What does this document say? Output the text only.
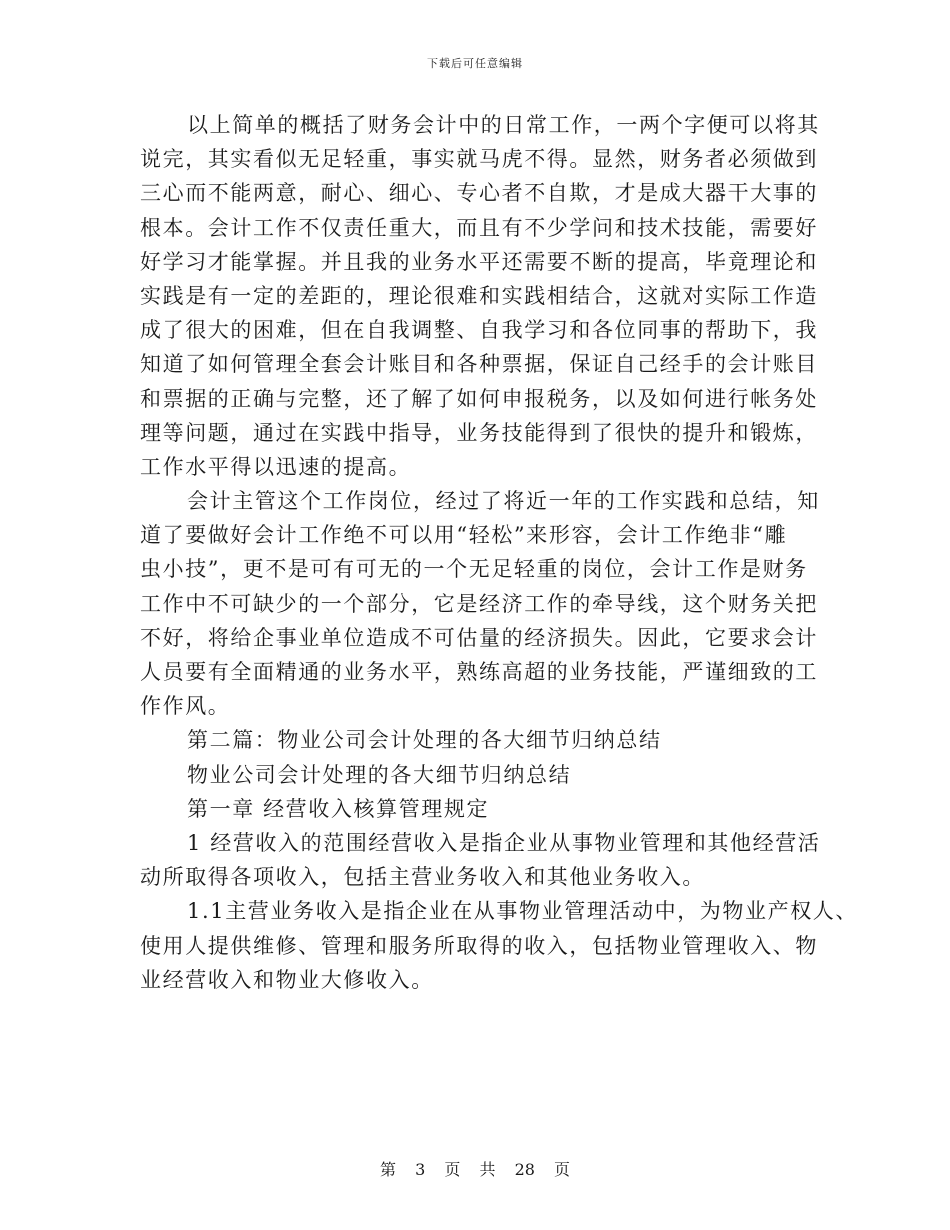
下载后可任意编辑
以上简单的概括了财务会计中的日常工作，一两个字便可以将其
说完，其实看似无足轻重，事实就马虎不得。显然，财务者必须做到
三心而不能两意，耐心、细心、专心者不自欺，才是成大器干大事的
根本。会计工作不仅责任重大，而且有不少学问和技术技能，需要好
好学习才能掌握。并且我的业务水平还需要不断的提高，毕竟理论和
实践是有一定的差距的，理论很难和实践相结合，这就对实际工作造
成了很大的困难，但在自我调整、自我学习和各位同事的帮助下，我
知道了如何管理全套会计账目和各种票据，保证自己经手的会计账目
和票据的正确与完整，还了解了如何申报税务，以及如何进行帐务处
理等问题，通过在实践中指导，业务技能得到了很快的提升和锻炼，
工作水平得以迅速的提高。
会计主管这个工作岗位，经过了将近一年的工作实践和总结，知
道了要做好会计工作绝不可以用“轻松”来形容，会计工作绝非“雕
虫小技”，更不是可有可无的一个无足轻重的岗位，会计工作是财务
工作中不可缺少的一个部分，它是经济工作的牵导线，这个财务关把
不好，将给企事业单位造成不可估量的经济损失。因此，它要求会计
人员要有全面精通的业务水平，熟练高超的业务技能，严谨细致的工
作作风。
第二篇：物业公司会计处理的各大细节归纳总结
物业公司会计处理的各大细节归纳总结
第一章 经营收入核算管理规定
1 经营收入的范围经营收入是指企业从事物业管理和其他经营活
动所取得各项收入，包括主营业务收入和其他业务收入。
1.1主营业务收入是指企业在从事物业管理活动中，为物业产权人、
使用人提供维修、管理和服务所取得的收入，包括物业管理收入、物
业经营收入和物业大修收入。
第 3 页 共 28 页
